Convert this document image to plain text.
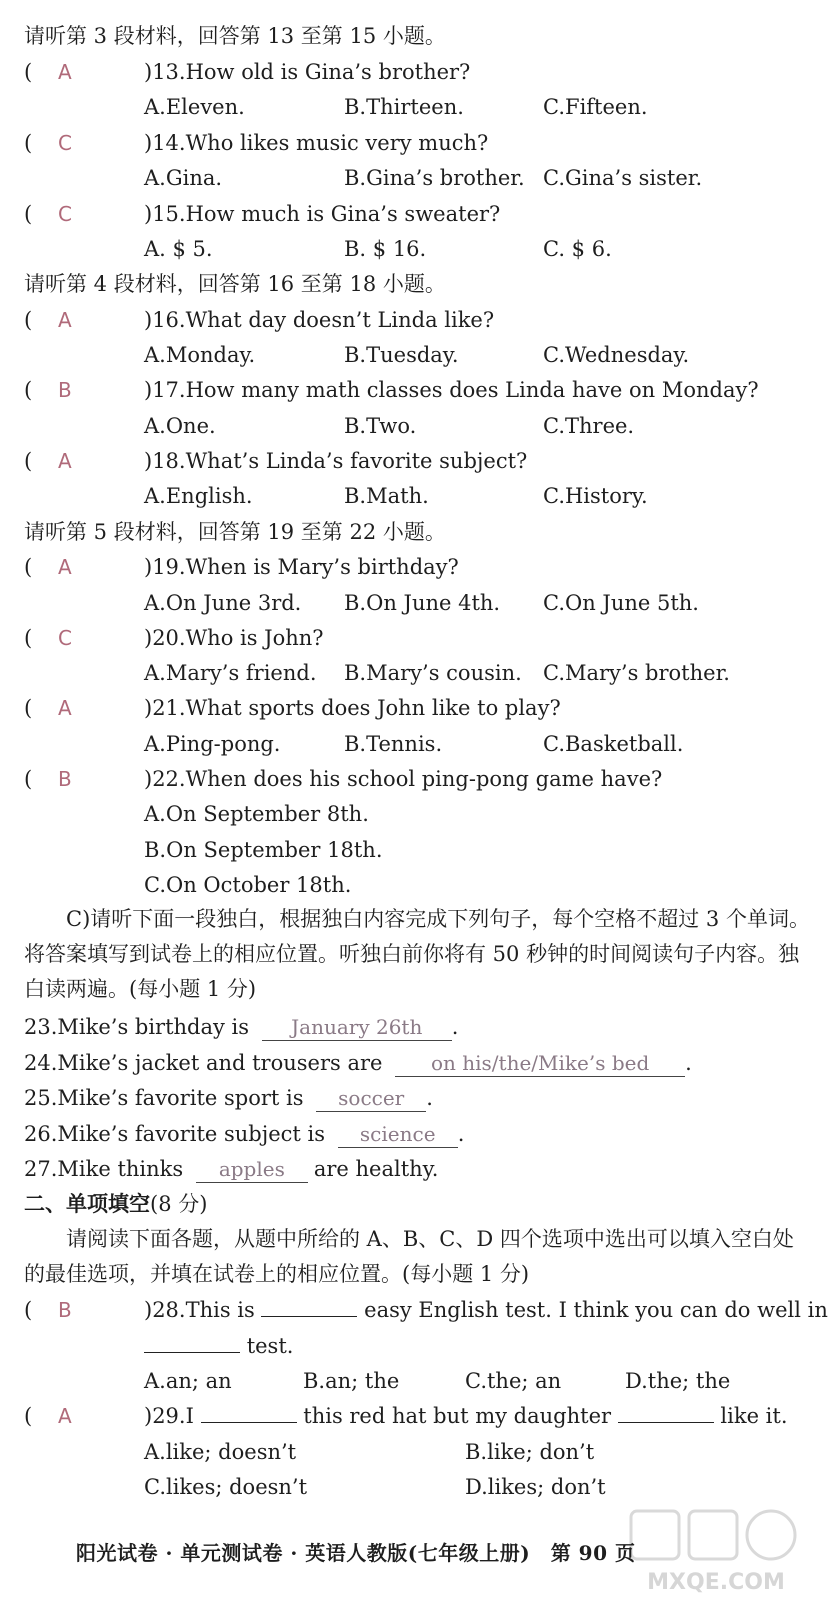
请听第 3 段材料，回答第 13 至第 15 小题。
( A	)13.How old is Gina’s brother?
A.Eleven.	B.Thirteen.	C.Fifteen.
( C	)14.Who likes music very much?
A.Gina.	B.Gina’s brother. C.Gina’s sister.
( C	)15.How much is Gina’s sweater?
A. $ 5.	B. $ 16.	C. $ 6.
请听第 4 段材料，回答第 16 至第 18 小题。
( A	)16.What day doesn’t Linda like?
A.Monday.	B.Tuesday.	C.Wednesday.
( B	)17.How many math classes does Linda have on Monday?
A.One.	B.Two.	C.Three.
( A	)18.What’s Linda’s favorite subject?
A.English.	B.Math.	C.History.
请听第 5 段材料，回答第 19 至第 22 小题。
( A	)19.When is Mary’s birthday?
A.On June 3rd. B.On June 4th. C.On June 5th.
( C	)20.Who is John?
A.Mary’s friend. B.Mary’s cousin. C.Mary’s brother.
( A	)21.What sports does John like to play?
A.Ping-pong.	B.Tennis.	C.Basketball.
( B	)22.When does his school ping-pong game have?
A.On September 8th.
B.On September 18th.
C.On October 18th.
C)请听下面一段独白，根据独白内容完成下列句子，每个空格不超过 3 个单词。将答案填写到试卷上的相应位置。听独白前你将有 50 秒钟的时间阅读句子内容。独白读两遍。(每小题 1 分)
23.Mike’s birthday is January 26th .
24.Mike’s jacket and trousers are on his/the/Mike’s bed .
25.Mike’s favorite sport is soccer .
26.Mike’s favorite subject is science .
27.Mike thinks apples are healthy.
二、单项填空(8 分)
请阅读下面各题，从题中所给的 A、B、C、D 四个选项中选出可以填入空白处的最佳选项，并填在试卷上的相应位置。(每小题 1 分)
( B	)28.This is	easy English test. I think you can do well in
test.
A.an; an	B.an; the	C.the; an	D.the; the
( A	)29.I	this red hat but my daughter	like it.
A.like; doesn’t	B.like; don’t
C.likes; doesn’t	D.likes; don’t
MXQE.COM
阳光试卷 · 单元测试卷 · 英语人教版(七年级上册)　第 90 页
